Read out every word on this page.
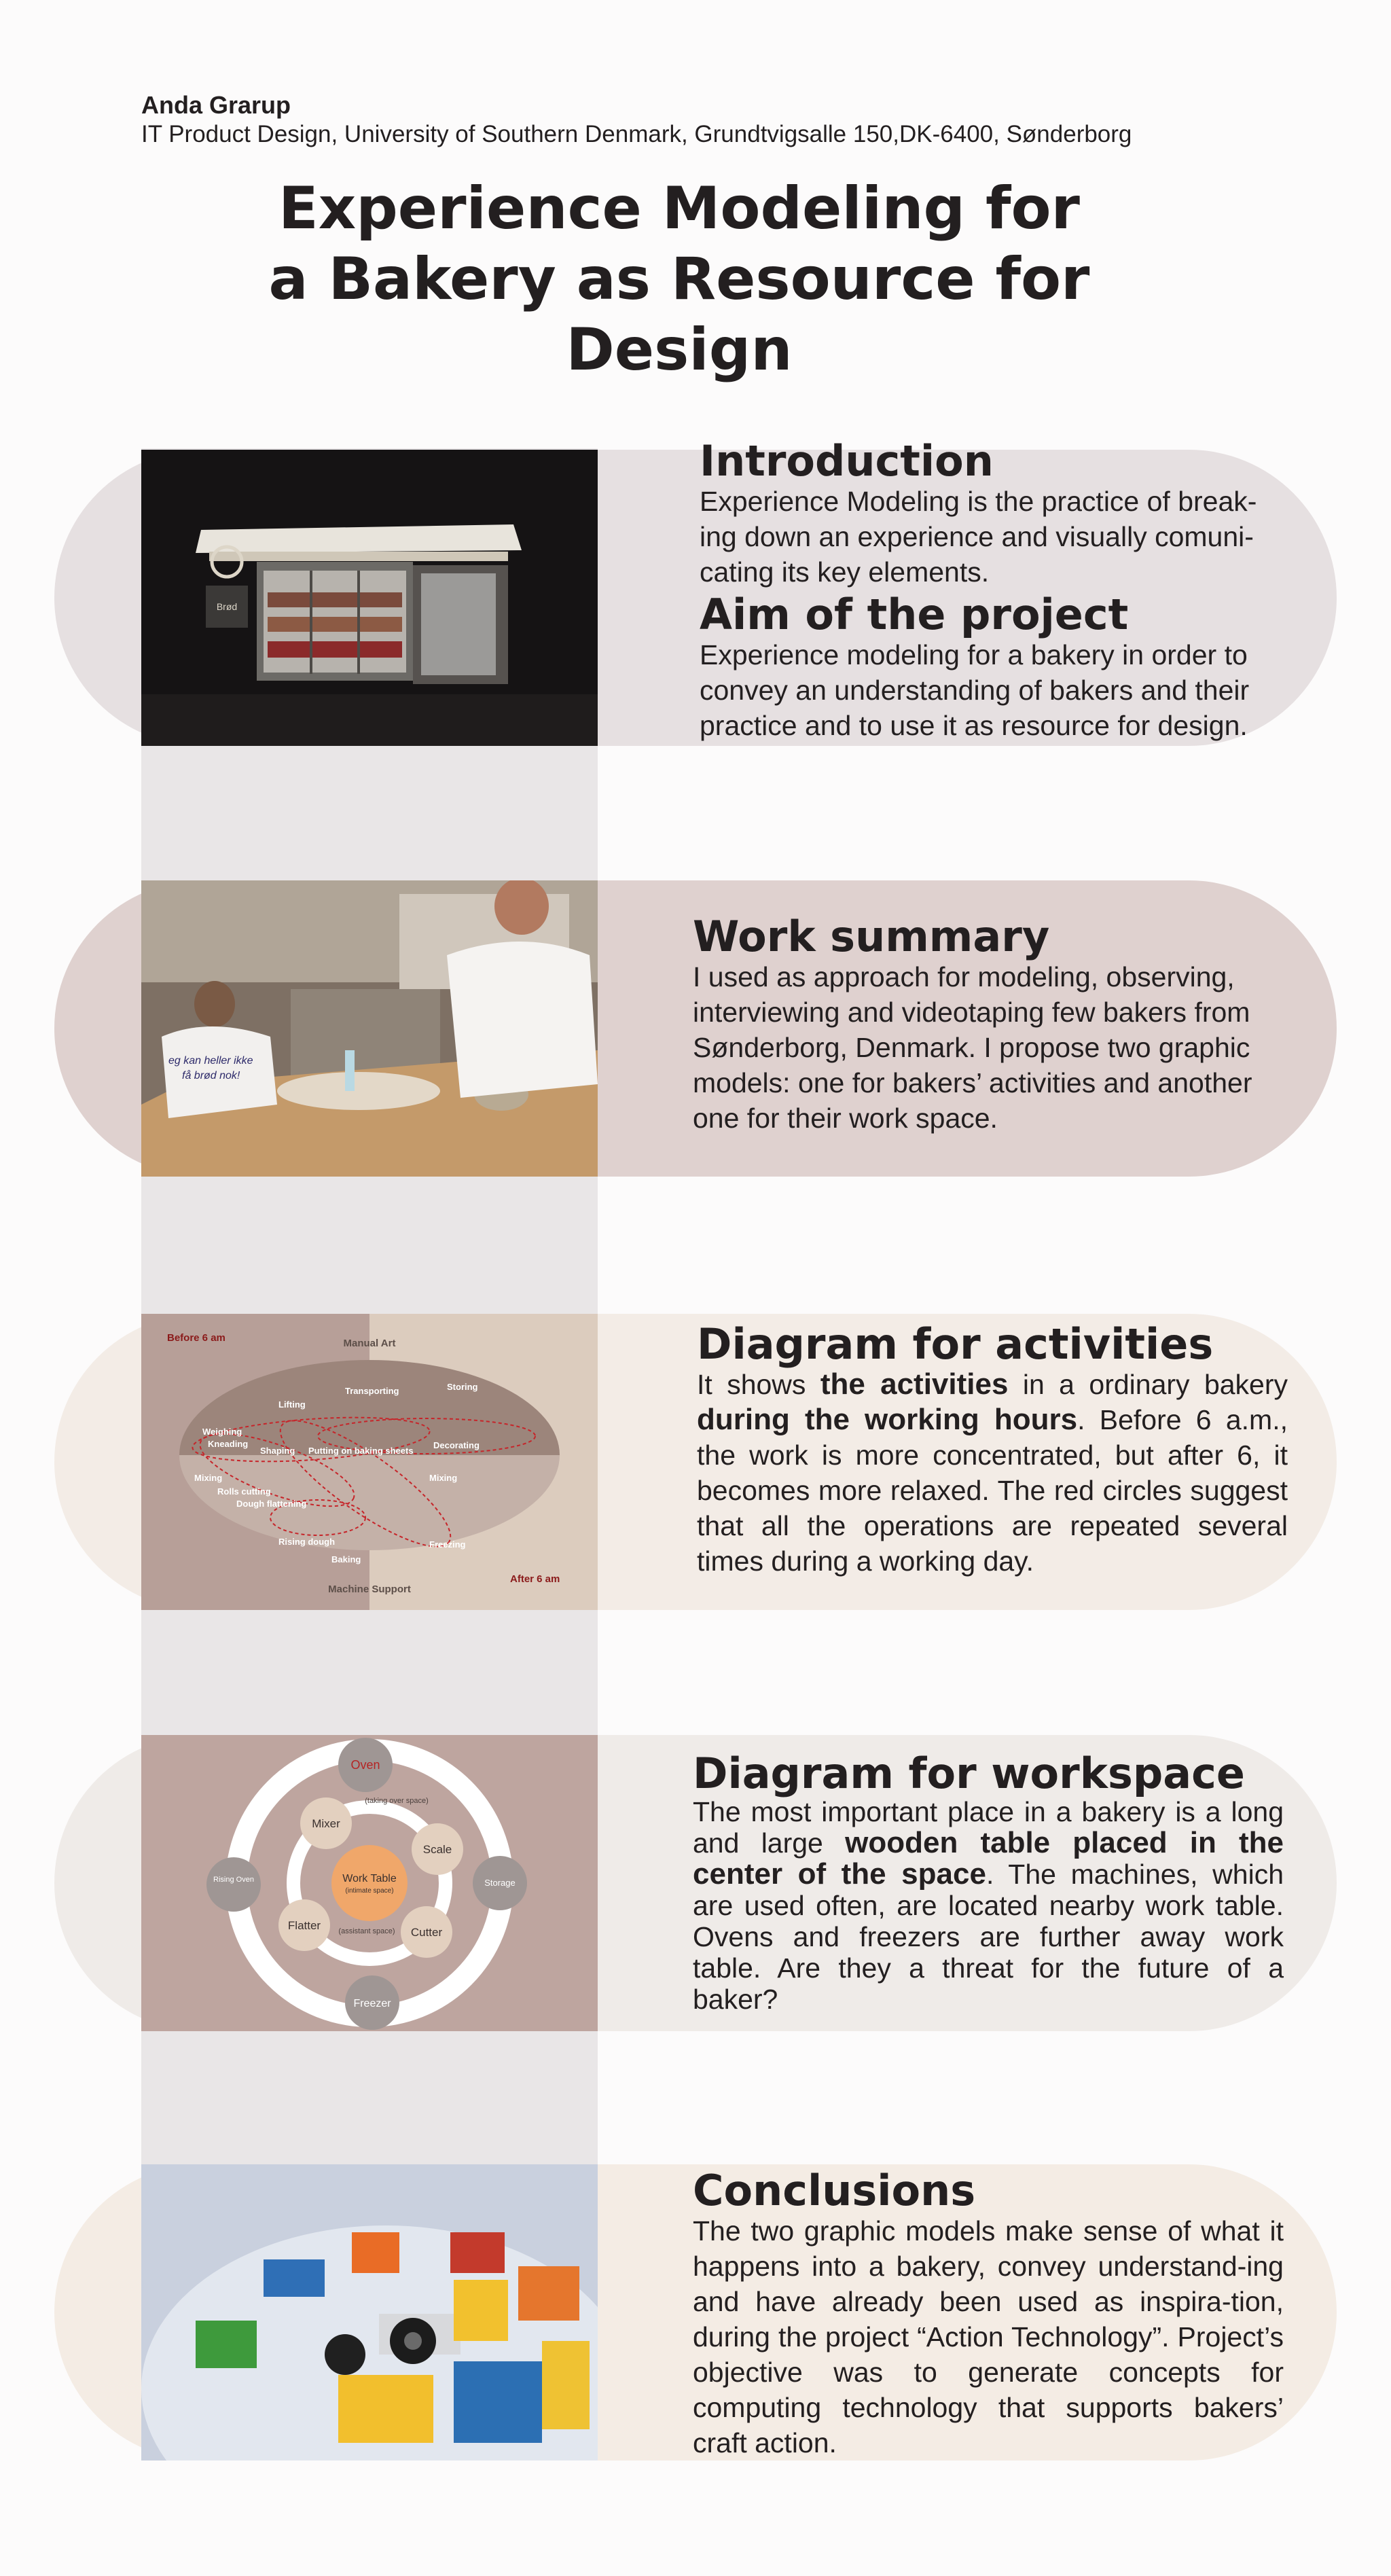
Anda Grarup
IT Product Design, University of Southern Denmark, Grundtvigsalle 150,DK-6400, Sønderborg
Experience Modeling for
a Bakery as Resource for
Design
Brød
eg kan heller ikke
få brød nok!
Before 6 am
After 6 am
Manual Art
Machine Support
Transporting	Storing
Lifting
Weighing
Kneading
Shaping Putting on baking sheets
Decorating
Mixing	Mixing
Rolls cutting
Dough flattening
Rising dough	Freezing
Baking
Oven
(taking over space)
Mixer
Scale
Rising Oven	Storage
Work Table
(intimate space)
Flatter
Cutter
(assistant space)
Freezer
Introduction

Experience Modeling is the practice of break-ing down an experience and visually comuni-cating its key elements.

Aim of the project

Experience modeling for a bakery in order to convey an understanding of bakers and their practice and to use it as resource for design.

Work summary

I used as approach for modeling, observing, interviewing and videotaping few bakers from Sønderborg, Denmark. I propose two graphic models: one for bakers’ activities and another one for their work space.

Diagram for activities

It shows the activities in a ordinary bakery during the working hours. Before 6 a.m., the work is more concentrated, but after 6, it becomes more relaxed. The red circles suggest that all the operations are repeated several times during a working day.

Diagram for workspace

The most important place in a bakery is a long and large wooden table placed in the center of the space. The machines, which are used often, are located nearby work table. Ovens and freezers are further away work table. Are they a threat for the future of a baker?

Conclusions

The two graphic models make sense of what it happens into a bakery, convey understand-ing and have already been used as inspira-tion, during the project “Action Technology”. Project’s objective was to generate concepts for computing technology that supports bakers’ craft action.
